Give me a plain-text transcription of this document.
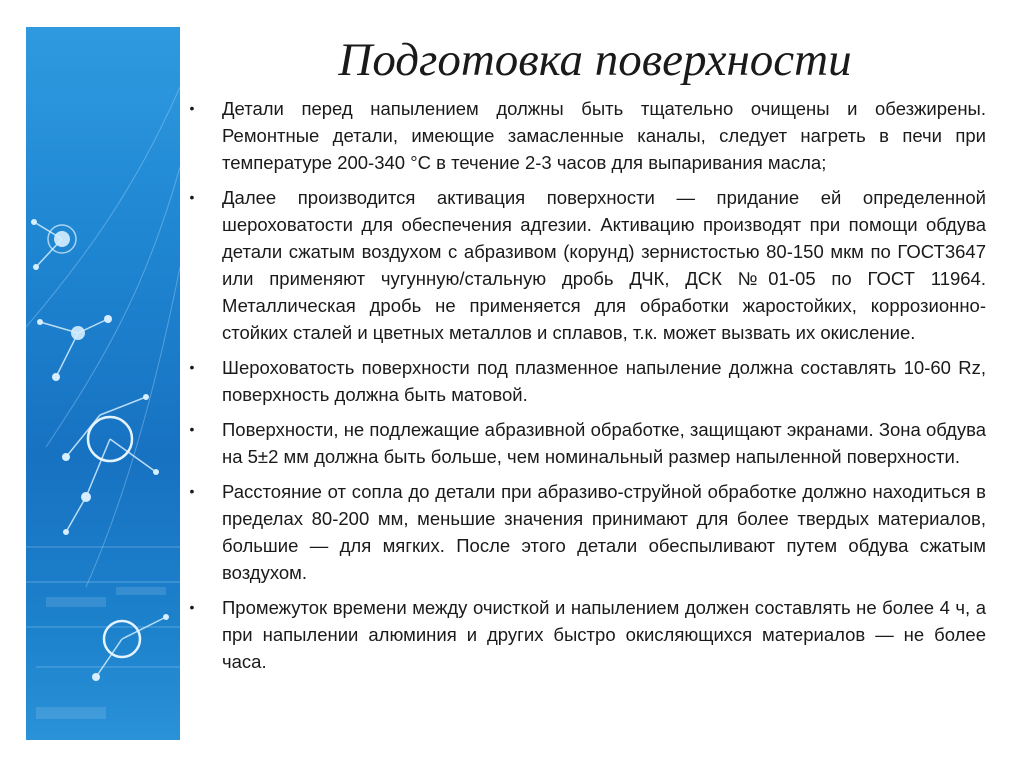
Подготовка поверхности
• Детали перед напылением должны быть тщательно очищены и обезжирены. Ремонтные детали, имеющие замасленные каналы, следует нагреть в печи при температуре 200-340 °С в течение 2-3 часов для выпаривания масла;
• Далее производится активация поверхности — придание ей определенной шероховатости для обеспечения адгезии. Активацию производят при помощи обдува детали сжатым воздухом с абразивом (корунд) зернистостью 80-150 мкм по ГОСТ3647 или применяют чугунную/стальную дробь ДЧК, ДСК №01-05 по ГОСТ 11964. Металлическая дробь не применяется для обработки жаростойких, коррозионно-стойких сталей и цветных металлов и сплавов, т.к. может вызвать их окисление.
• Шероховатость поверхности под плазменное напыление должна составлять 10-60 Rz, поверхность должна быть матовой.
• Поверхности, не подлежащие абразивной обработке, защищают экранами. Зона обдува на 5±2 мм должна быть больше, чем номинальный размер напыленной поверхности.
• Расстояние от сопла до детали при абразиво-струйной обработке должно находиться в пределах 80-200 мм, меньшие значения принимают для более твердых материалов, большие — для мягких. После этого детали обеспыливают путем обдува сжатым воздухом.
• Промежуток времени между очисткой и напылением должен составлять не более 4 ч, а при напылении алюминия и других быстро окисляющихся материалов — не более часа.
